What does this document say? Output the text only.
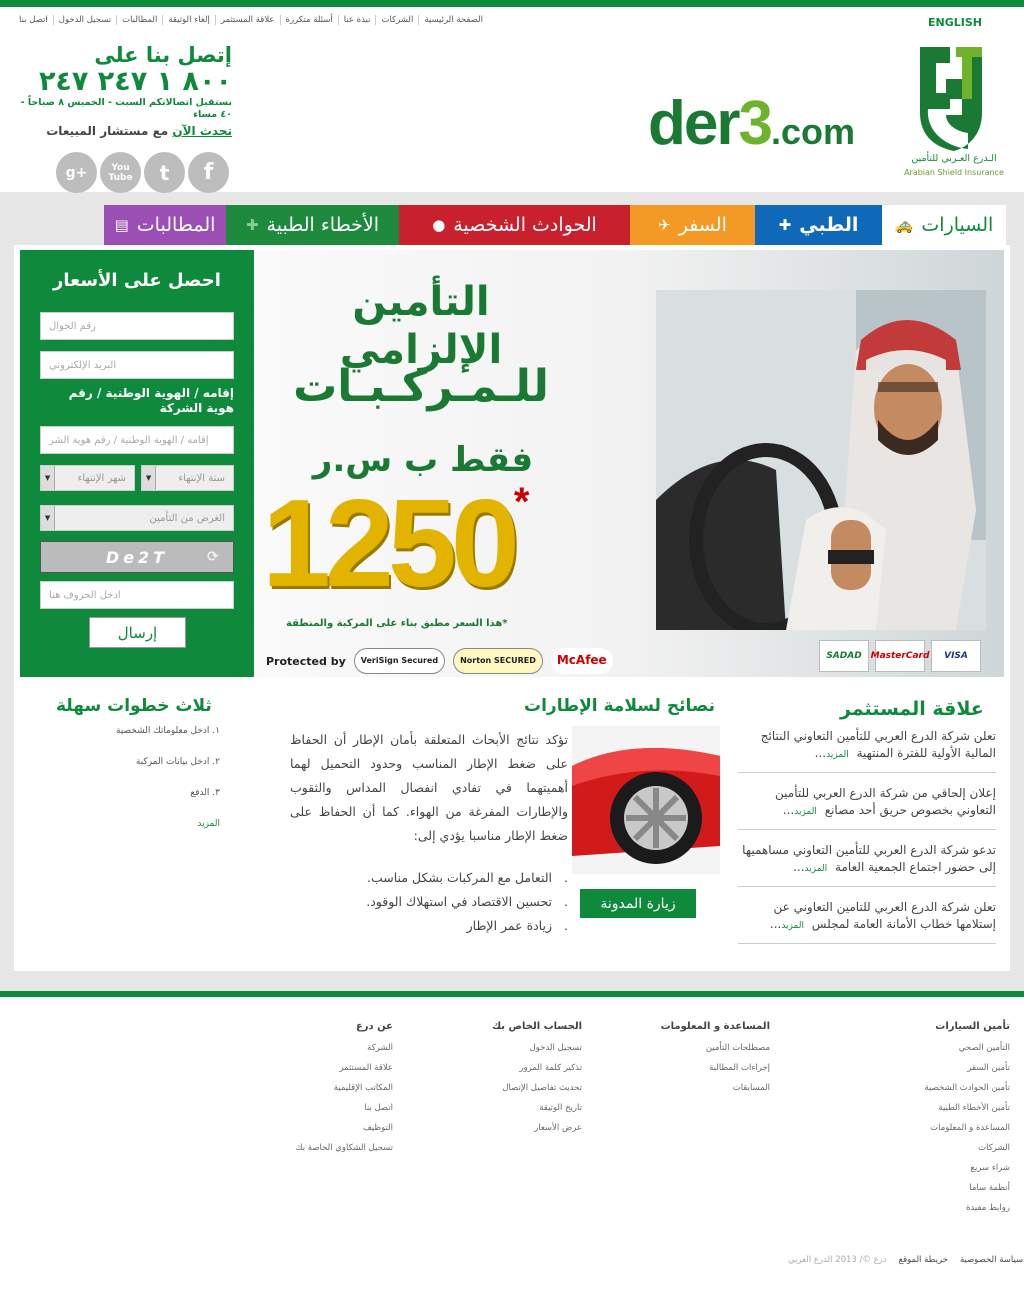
الصفحة الرئيسية
الشركات
نبذة عنا
أسئلة متكررة
علاقة المستثمر
إلغاء الوثيقة
المطالبات
تسجيل الدخول
اتصل بنا	ENGLISH
الـدرع العـربي للتأمين
Arabian Shield Insurance
der3.com
إتصل بنا على
٨٠٠ ١ ٢٤٧ ٢٤٧
نستقبل اتصالاتكم السبت - الخميس ٨ صباحاً - ٤٠ مساء
تحدث الآن مع مستشار المبيعات
g+	You Tube	t	f
السيارات
🚕
الطبي
✚
السفر
✈
الحوادث الشخصية
●
الأخطاء الطبية
✚
المطالبات
▤
احصل على الأسعار
رقم الجوال
البريد الإلكتروني
إقامه / الهوية الوطنية / رقم هوية الشركة
إقامه / الهوية الوطنية / رقم هوية الشر
سنة الإنتهاء
▼
شهر الإنتهاء
▼
الغرض من التأمين
▼
De2T	⟳
ادخل الحروف هنا
إرسال
التأمين الإلزامي
للـمـركـبـات
فقط ب س.ر
1250*
*هذا السعر مطبق بناء على المركبة والمنطقة
Protected by	VeriSign Secured	Norton SECURED	McAfee	SADAD MasterCard	VISA
ثلاث خطوات سهلة
١. ادخل معلوماتك الشخصية
٢. ادخل بيانات المركبة
٣. الدفع
المزيد
نصائح لسلامة الإطارات
تؤكد نتائج الأبحاث المتعلقة بأمان الإطار أن الحفاظ على ضغط الإطار المناسب وحدود التحميل لهما أهميتهما في تفادي انفصال المداس والثقوب والإطارات المفرغة من الهواء. كما أن الحفاظ على ضغط الإطار مناسبا يؤدي إلى:
. التعامل مع المركبات بشكل مناسب.
. تحسين الاقتصاد في استهلاك الوقود.
. زيادة عمر الإطار
زيارة المدونة
علاقة المستثمر
تعلن شركة الدرع العربي للتأمين التعاوني النتائج المالية الأولية للفترة المنتهية المزيد...
إعلان إلحاقي من شركة الدرع العربي للتأمين التعاوني بخصوص حريق أحد مصانع المزيد...
تدعو شركة الدرع العربي للتأمين التعاوني مساهميها إلى حضور اجتماع الجمعية العامة المزيد...
تعلن شركة الدرع العربي للتامين التعاوني عن إستلامها خطاب الأمانة العامة لمجلس المزيد...
تأمين السيارات
التأمين الصحي
تأمين السفر
تأمين الحوادث الشخصية
تأمين الأخطاء الطبية
المساعدة و المعلومات
الشركات
شراء سريع
أنظمة ساما
روابط مفيدة
المساعدة و المعلومات
مصطلحات التأمين
إجراءات المطالبة
المسابقات
الحساب الخاص بك
تسجيل الدخول
تذكير كلمة المرور
تحديث تفاصيل الإتصال
تاريخ الوثيقة
عرض الأسعار
عن درع
الشركة
علاقة المستثمر
المكاتب الإقليمية
اتصل بنا
التوظيف
تسجيل الشكاوي الخاصة بك
سياسة الخصوصية
خريطة الموقع
درع ©/ 2013 الدرع العربي
